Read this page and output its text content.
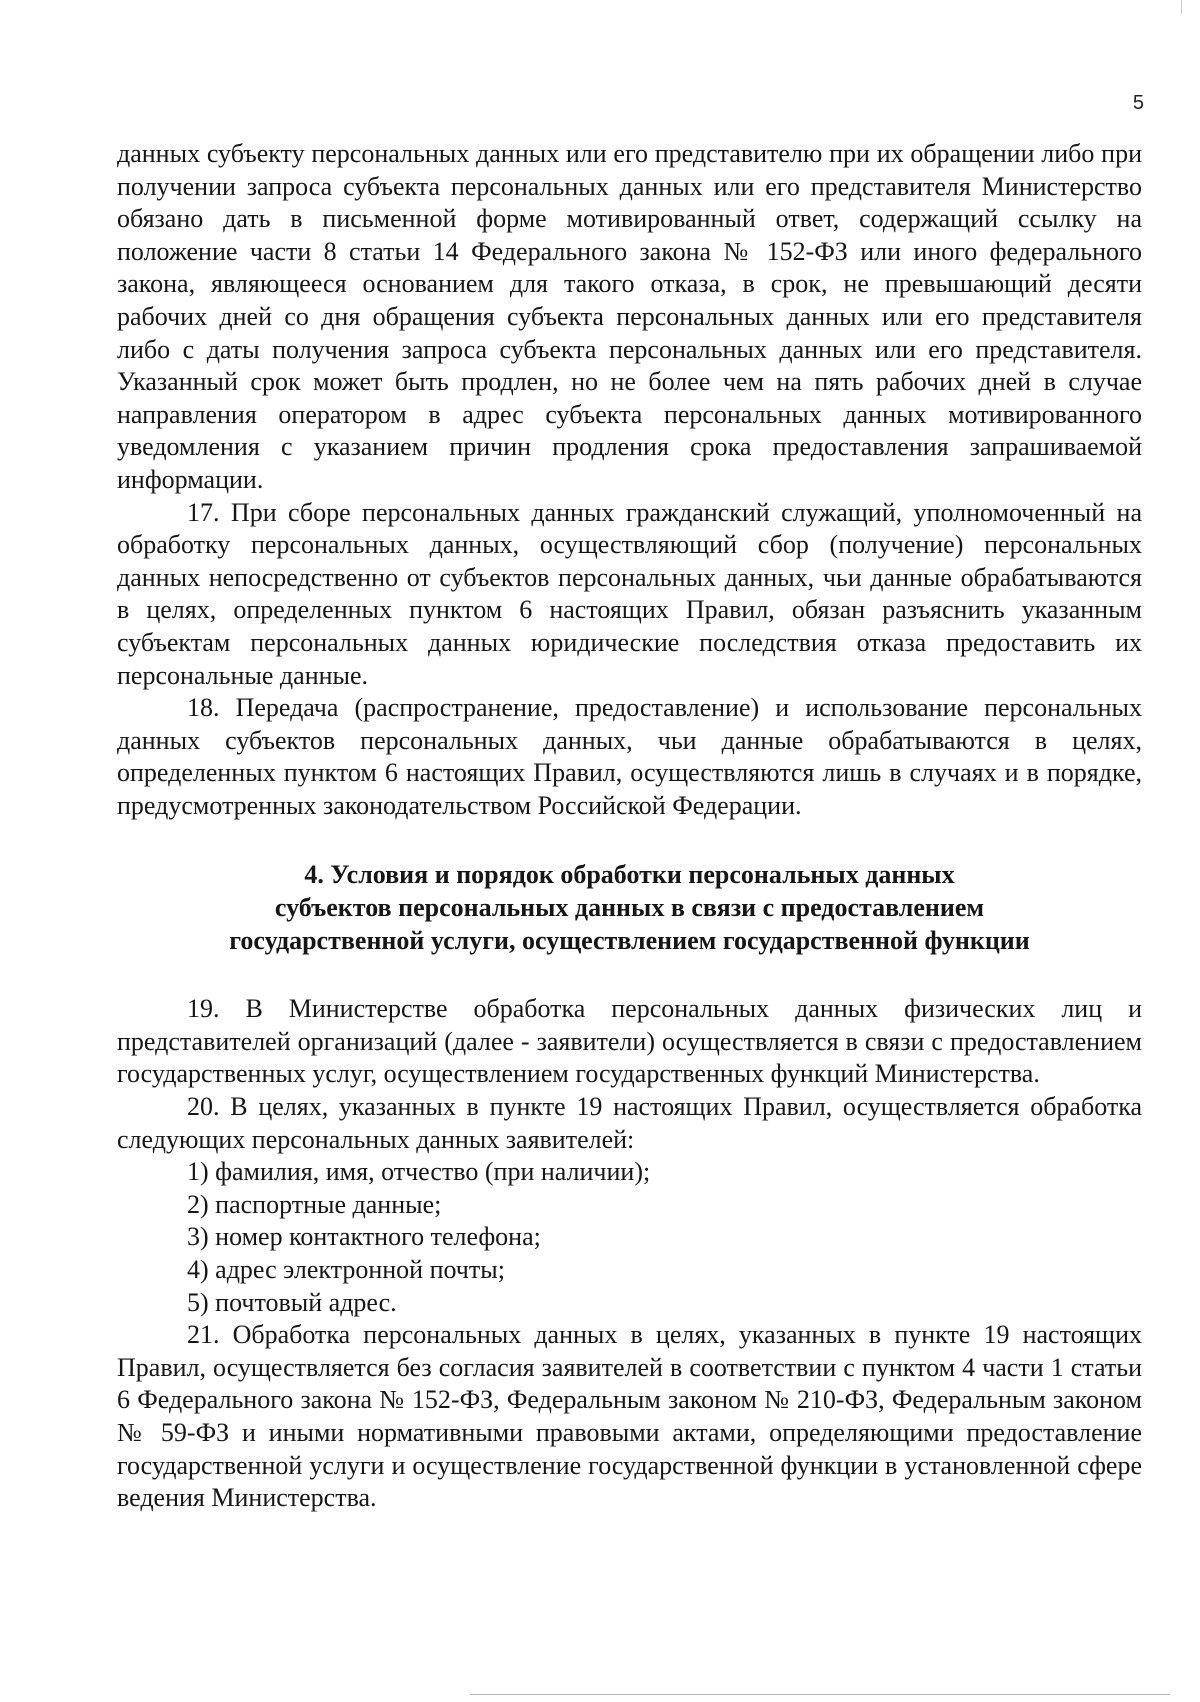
5

данных субъекту персональных данных или его представителю при их обращении либо при получении запроса субъекта персональных данных или его представителя Министерство обязано дать в письменной форме мотивированный ответ, содержащий ссылку на положение части 8 статьи 14 Федерального закона № 152-ФЗ или иного федерального закона, являющееся основанием для такого отказа, в срок, не превышающий десяти рабочих дней со дня обращения субъекта персональных данных или его представителя либо с даты получения запроса субъекта персональных данных или его представителя. Указанный срок может быть продлен, но не более чем на пять рабочих дней в случае направления оператором в адрес субъекта персональных данных мотивированного уведомления с указанием причин продления срока предоставления запрашиваемой информации.

17. При сборе персональных данных гражданский служащий, уполномоченный на обработку персональных данных, осуществляющий сбор (получение) персональных данных непосредственно от субъектов персональных данных, чьи данные обрабатываются в целях, определенных пунктом 6 настоящих Правил, обязан разъяснить указанным субъектам персональных данных юридические последствия отказа предоставить их персональные данные.

18. Передача (распространение, предоставление) и использование персональных данных субъектов персональных данных, чьи данные обрабатываются в целях, определенных пунктом 6 настоящих Правил, осуществляются лишь в случаях и в порядке, предусмотренных законодательством Российской Федерации.

4. Условия и порядок обработки персональных данных
субъектов персональных данных в связи с предоставлением
государственной услуги, осуществлением государственной функции

19. В Министерстве обработка персональных данных физических лиц и представителей организаций (далее - заявители) осуществляется в связи с предоставлением государственных услуг, осуществлением государственных функций Министерства.

20. В целях, указанных в пункте 19 настоящих Правил, осуществляется обработка следующих персональных данных заявителей:

1) фамилия, имя, отчество (при наличии);

2) паспортные данные;

3) номер контактного телефона;

4) адрес электронной почты;

5) почтовый адрес.

21. Обработка персональных данных в целях, указанных в пункте 19 настоящих Правил, осуществляется без согласия заявителей в соответствии с пунктом 4 части 1 статьи 6 Федерального закона № 152-ФЗ, Федеральным законом № 210-ФЗ, Федеральным законом № 59-ФЗ и иными нормативными правовыми актами, определяющими предоставление государственной услуги и осуществление государственной функции в установленной сфере ведения Министерства.
